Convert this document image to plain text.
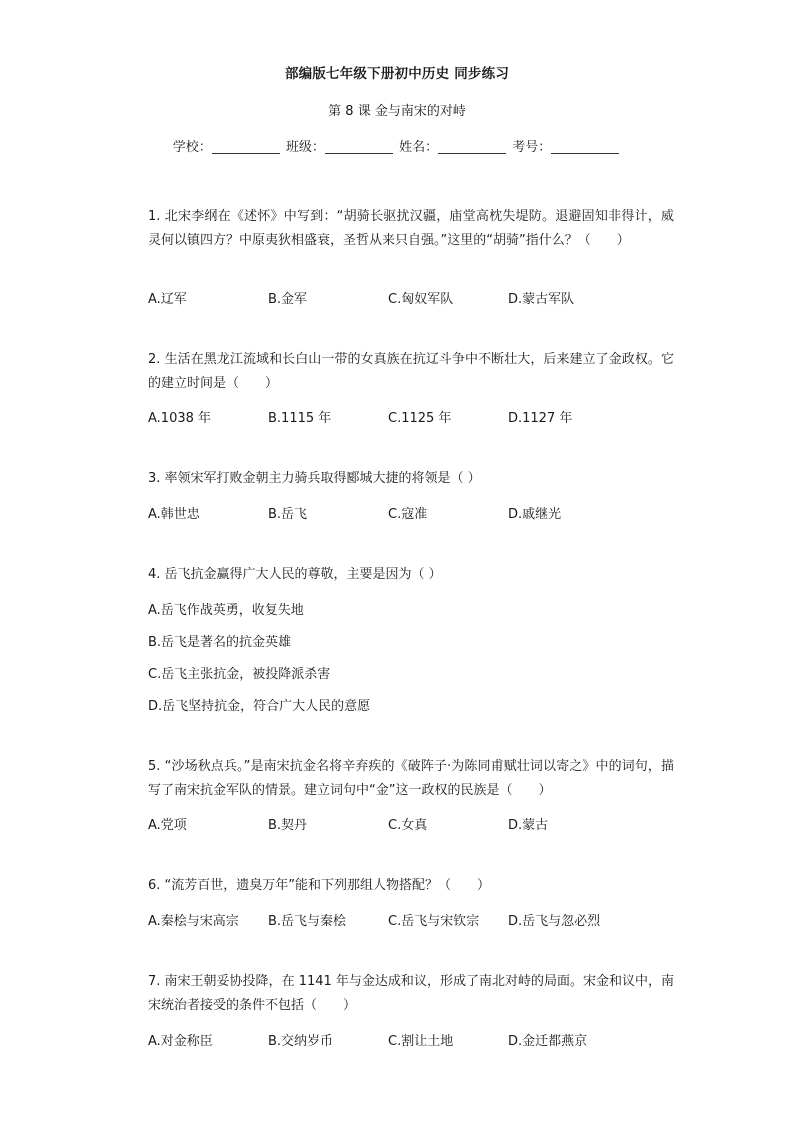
部编版七年级下册初中历史 同步练习
第 8 课 金与南宋的对峙
学校：	班级：	姓名：	考号：
1. 北宋李纲在《述怀》中写到：“胡骑长驱扰汉疆，庙堂高枕失堤防。退避固知非得计，威灵何以镇四方？中原夷狄相盛衰，圣哲从来只自强。”这里的“胡骑”指什么？（　　）
A.辽军	B.金军	C.匈奴军队	D.蒙古军队
2. 生活在黑龙江流域和长白山一带的女真族在抗辽斗争中不断壮大，后来建立了金政权。它的建立时间是（　　）
A.1038 年	B.1115 年	C.1125 年	D.1127 年
3. 率领宋军打败金朝主力骑兵取得郾城大捷的将领是（ ）
A.韩世忠	B.岳飞	C.寇准	D.戚继光
4. 岳飞抗金赢得广大人民的尊敬，主要是因为（ ）
A.岳飞作战英勇，收复失地
B.岳飞是著名的抗金英雄
C.岳飞主张抗金，被投降派杀害
D.岳飞坚持抗金，符合广大人民的意愿
5. “沙场秋点兵。”是南宋抗金名将辛弃疾的《破阵子·为陈同甫赋壮词以寄之》中的词句，描写了南宋抗金军队的情景。建立词句中“金”这一政权的民族是（　　）
A.党项	B.契丹	C.女真	D.蒙古
6. “流芳百世，遗臭万年”能和下列那组人物搭配？（　　）
A.秦桧与宋高宗 B.岳飞与秦桧	C.岳飞与宋钦宗 D.岳飞与忽必烈
7. 南宋王朝妥协投降，在 1141 年与金达成和议，形成了南北对峙的局面。宋金和议中，南宋统治者接受的条件不包括（　　）
A.对金称臣	B.交纳岁币	C.割让土地	D.金迁都燕京
